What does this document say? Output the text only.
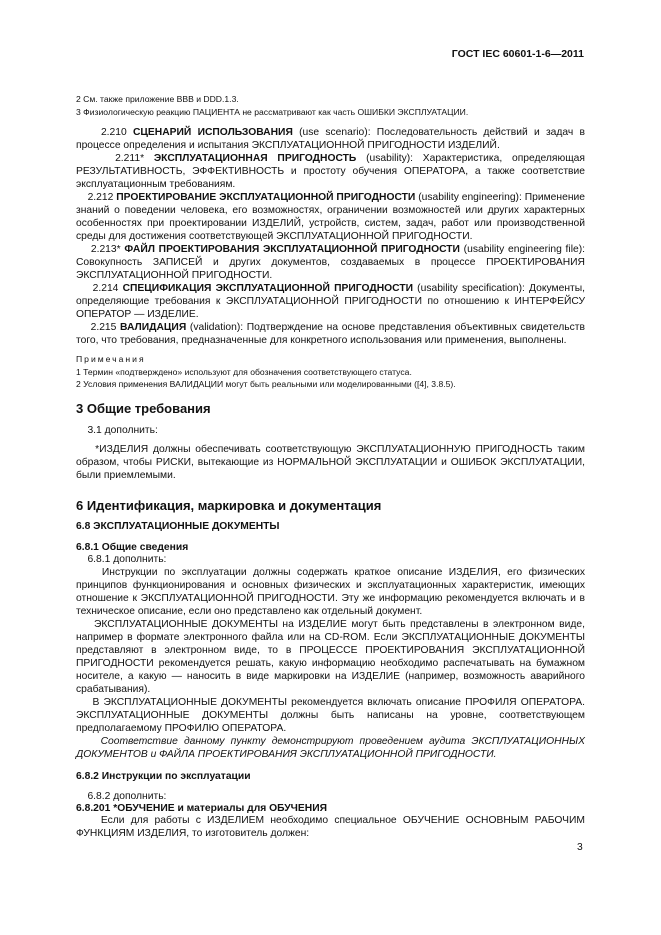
ГОСТ IEC 60601-1-6—2011
2 См. также приложение ВВВ и DDD.1.3.
3 Физиологическую реакцию ПАЦИЕНТА не рассматривают как часть ОШИБКИ ЭКСПЛУАТАЦИИ.

2.210 СЦЕНАРИЙ ИСПОЛЬЗОВАНИЯ (use scenario): Последовательность действий и задач в процессе определения и испытания ЭКСПЛУАТАЦИОННОЙ ПРИГОДНОСТИ ИЗДЕЛИЙ.

2.211* ЭКСПЛУАТАЦИОННАЯ ПРИГОДНОСТЬ (usability): Характеристика, определяющая РЕЗУЛЬТАТИВНОСТЬ, ЭФФЕКТИВНОСТЬ и простоту обучения ОПЕРАТОРА, а также соответствие эксплуатационным требованиям.

2.212 ПРОЕКТИРОВАНИЕ ЭКСПЛУАТАЦИОННОЙ ПРИГОДНОСТИ (usability engineering): Применение знаний о поведении человека, его возможностях, ограничении возможностей или других характерных особенностях при проектировании ИЗДЕЛИЙ, устройств, систем, задач, работ или производственной среды для достижения соответствующей ЭКСПЛУАТАЦИОННОЙ ПРИГОДНОСТИ.

2.213* ФАЙЛ ПРОЕКТИРОВАНИЯ ЭКСПЛУАТАЦИОННОЙ ПРИГОДНОСТИ (usability engineering file): Совокупность ЗАПИСЕЙ и других документов, создаваемых в процессе ПРОЕКТИРОВАНИЯ ЭКСПЛУАТАЦИОННОЙ ПРИГОДНОСТИ.

2.214 СПЕЦИФИКАЦИЯ ЭКСПЛУАТАЦИОННОЙ ПРИГОДНОСТИ (usability specification): Документы, определяющие требования к ЭКСПЛУАТАЦИОННОЙ ПРИГОДНОСТИ по отношению к ИНТЕРФЕЙСУ ОПЕРАТОР — ИЗДЕЛИЕ.

2.215 ВАЛИДАЦИЯ (validation): Подтверждение на основе представления объективных свидетельств того, что требования, предназначенные для конкретного использования или применения, выполнены.

Примечания
1 Термин «подтверждено» используют для обозначения соответствующего статуса.
2 Условия применения ВАЛИДАЦИИ могут быть реальными или моделированными ([4], 3.8.5).
3 Общие требования

3.1 дополнить:

*ИЗДЕЛИЯ должны обеспечивать соответствующую ЭКСПЛУАТАЦИОННУЮ ПРИГОДНОСТЬ таким образом, чтобы РИСКИ, вытекающие из НОРМАЛЬНОЙ ЭКСПЛУАТАЦИИ и ОШИБОК ЭКСПЛУАТАЦИИ, были приемлемыми.

6 Идентификация, маркировка и документация
6.8 ЭКСПЛУАТАЦИОННЫЕ ДОКУМЕНТЫ
6.8.1 Общие сведения

6.8.1 дополнить:

Инструкции по эксплуатации должны содержать краткое описание ИЗДЕЛИЯ, его физических принципов функционирования и основных физических и эксплуатационных характеристик, имеющих отношение к ЭКСПЛУАТАЦИОННОЙ ПРИГОДНОСТИ. Эту же информацию рекомендуется включать и в техническое описание, если оно представлено как отдельный документ.

ЭКСПЛУАТАЦИОННЫЕ ДОКУМЕНТЫ на ИЗДЕЛИЕ могут быть представлены в электронном виде, например в формате электронного файла или на CD-ROM. Если ЭКСПЛУАТАЦИОННЫЕ ДОКУМЕНТЫ представляют в электронном виде, то в ПРОЦЕССЕ ПРОЕКТИРОВАНИЯ ЭКСПЛУАТАЦИОННОЙ ПРИГОДНОСТИ рекомендуется решать, какую информацию необходимо распечатывать на бумажном носителе, а какую — наносить в виде маркировки на ИЗДЕЛИЕ (например, возможность аварийного срабатывания).

В ЭКСПЛУАТАЦИОННЫЕ ДОКУМЕНТЫ рекомендуется включать описание ПРОФИЛЯ ОПЕРАТОРА. ЭКСПЛУАТАЦИОННЫЕ ДОКУМЕНТЫ должны быть написаны на уровне, соответствующем предполагаемому ПРОФИЛЮ ОПЕРАТОРА.

Соответствие данному пункту демонстрируют проведением аудита ЭКСПЛУАТАЦИОННЫХ ДОКУМЕНТОВ и ФАЙЛА ПРОЕКТИРОВАНИЯ ЭКСПЛУАТАЦИОННОЙ ПРИГОДНОСТИ.

6.8.2 Инструкции по эксплуатации

6.8.2 дополнить:

6.8.201 *ОБУЧЕНИЕ и материалы для ОБУЧЕНИЯ

Если для работы с ИЗДЕЛИЕМ необходимо специальное ОБУЧЕНИЕ ОСНОВНЫМ РАБОЧИМ ФУНКЦИЯМ ИЗДЕЛИЯ, то изготовитель должен:

3
